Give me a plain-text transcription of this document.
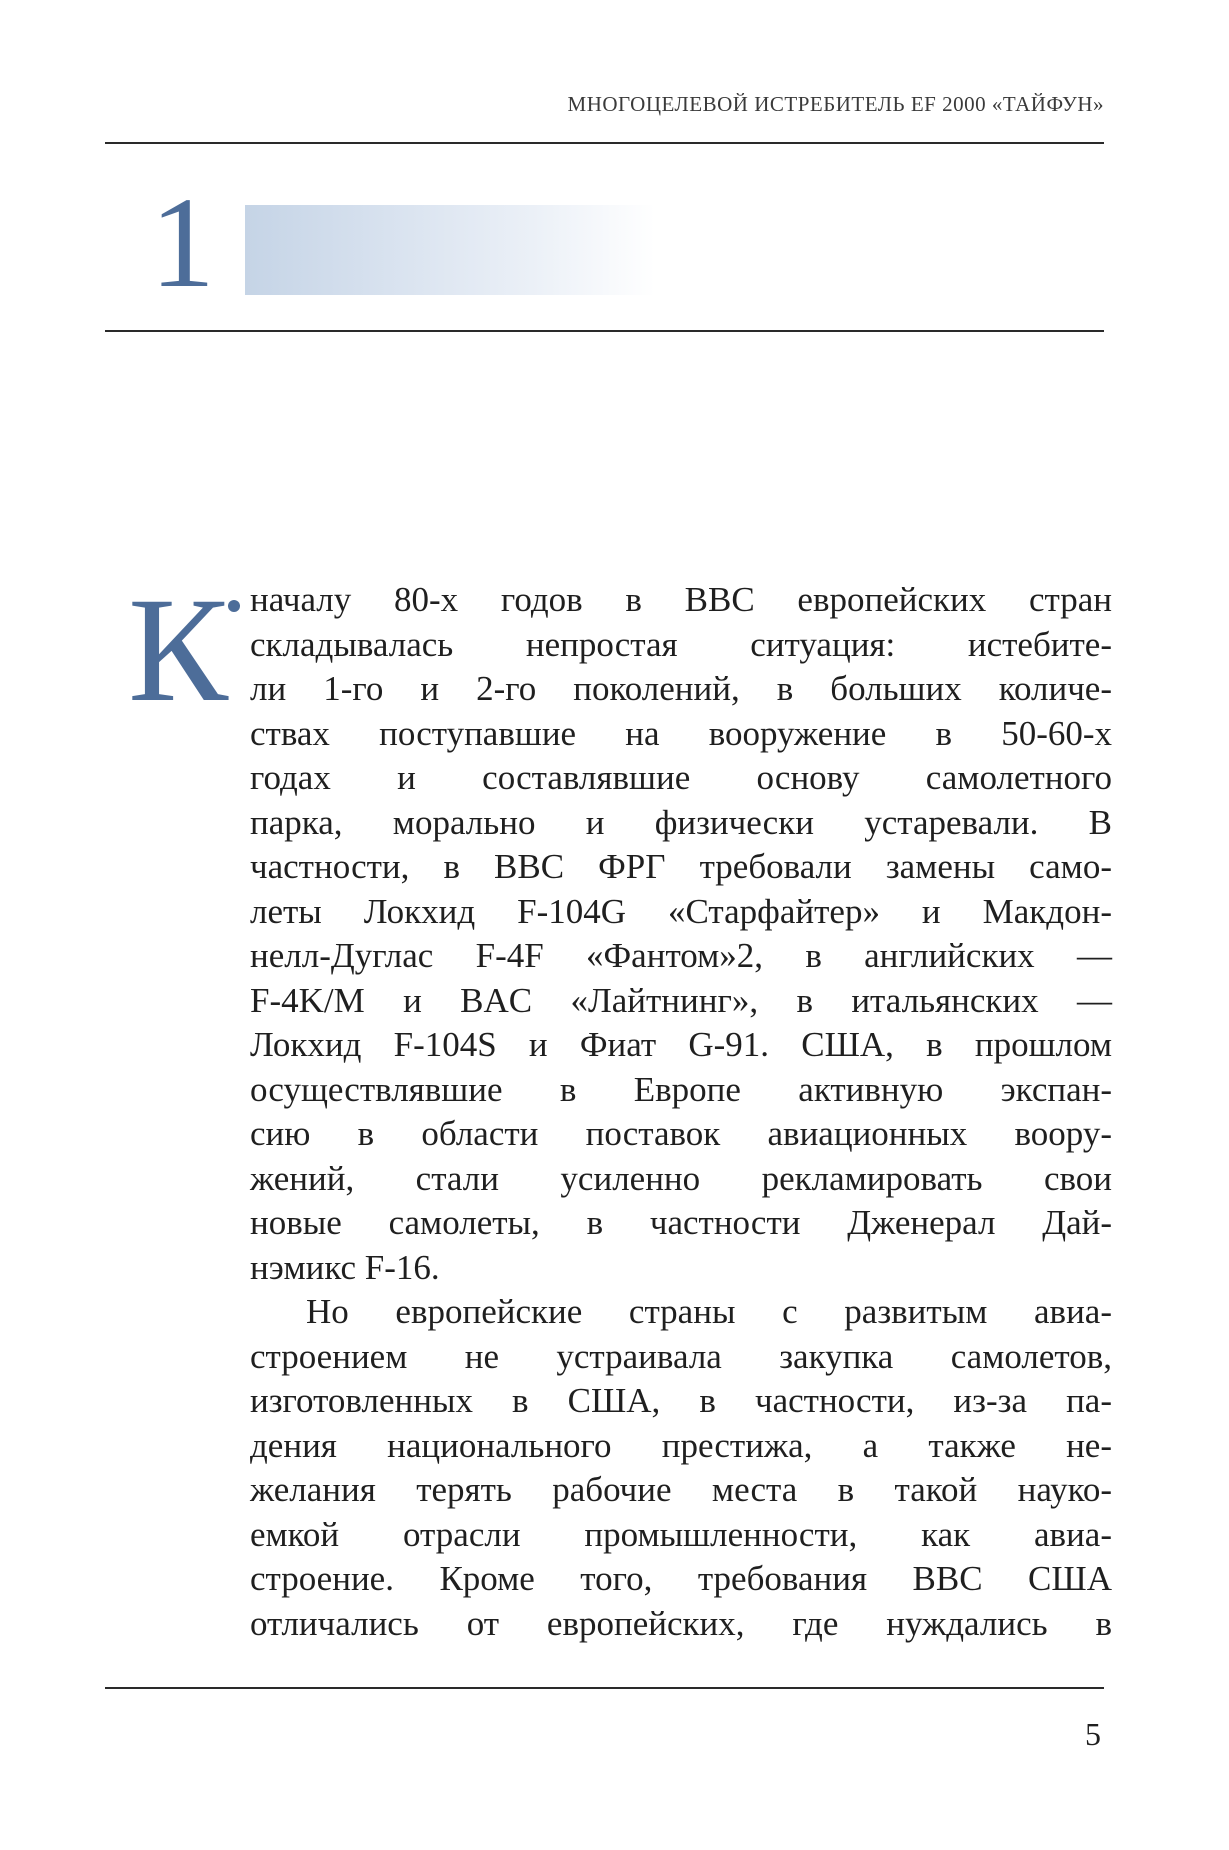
МНОГОЦЕЛЕВОЙ ИСТРЕБИТЕЛЬ EF 2000 «ТАЙФУН»
1
К началу 80-х годов в ВВС европейских стран
складывалась непростая ситуация: истебите-
ли 1-го и 2-го поколений, в больших количе-
ствах поступавшие на вооружение в 50-60-х
годах и составлявшие основу самолетного
парка, морально и физически устаревали. В
частности, в ВВС ФРГ требовали замены само-
леты Локхид F-104G «Старфайтер» и Макдон-
нелл-Дуглас F-4F «Фантом»2, в английских —
F-4K/M и BAC «Лайтнинг», в итальянских —
Локхид F-104S и Фиат G-91. США, в прошлом
осуществлявшие в Европе активную экспан-
сию в области поставок авиационных воору-
жений, стали усиленно рекламировать свои
новые самолеты, в частности Дженерал Дай-
нэмикс F-16.
Но европейские страны с развитым авиа-
строением не устраивала закупка самолетов,
изготовленных в США, в частности, из-за па-
дения национального престижа, а также не-
желания терять рабочие места в такой науко-
емкой отрасли промышленности, как авиа-
строение. Кроме того, требования ВВС США
отличались от европейских, где нуждались в
5
